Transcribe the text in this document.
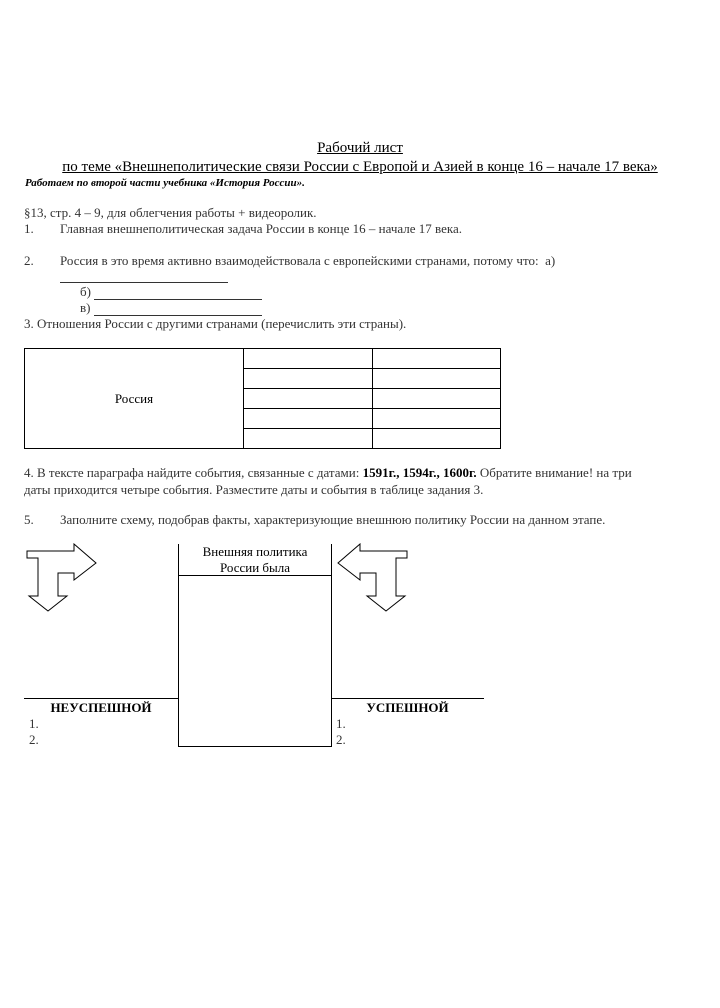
Рабочий лист
по теме «Внешнеполитические связи России с Европой и Азией в конце 16 – начале 17 века»
Работаем по второй части учебника «История России».
§13, стр. 4 – 9, для облегчения работы + видеоролик.
1. Главная внешнеполитическая задача России в конце 16 – начале 17 века.
2. Россия в это время активно взаимодействовала с европейскими странами, потому что: а)
б)
в)
3. Отношения России с другими странами (перечислить эти страны).
Россия		

4. В тексте параграфа найдите события, связанные с датами: 1591г., 1594г., 1600г. Обратите внимание! на три
даты приходится четыре события. Разместите даты и события в таблице задания 3.
5. Заполните схему, подобрав факты, характеризующие внешнюю политику России на данном этапе.
Внешняя политика
России была
НЕУСПЕШНОЙ	УСПЕШНОЙ
1.
2.
1.
2.
